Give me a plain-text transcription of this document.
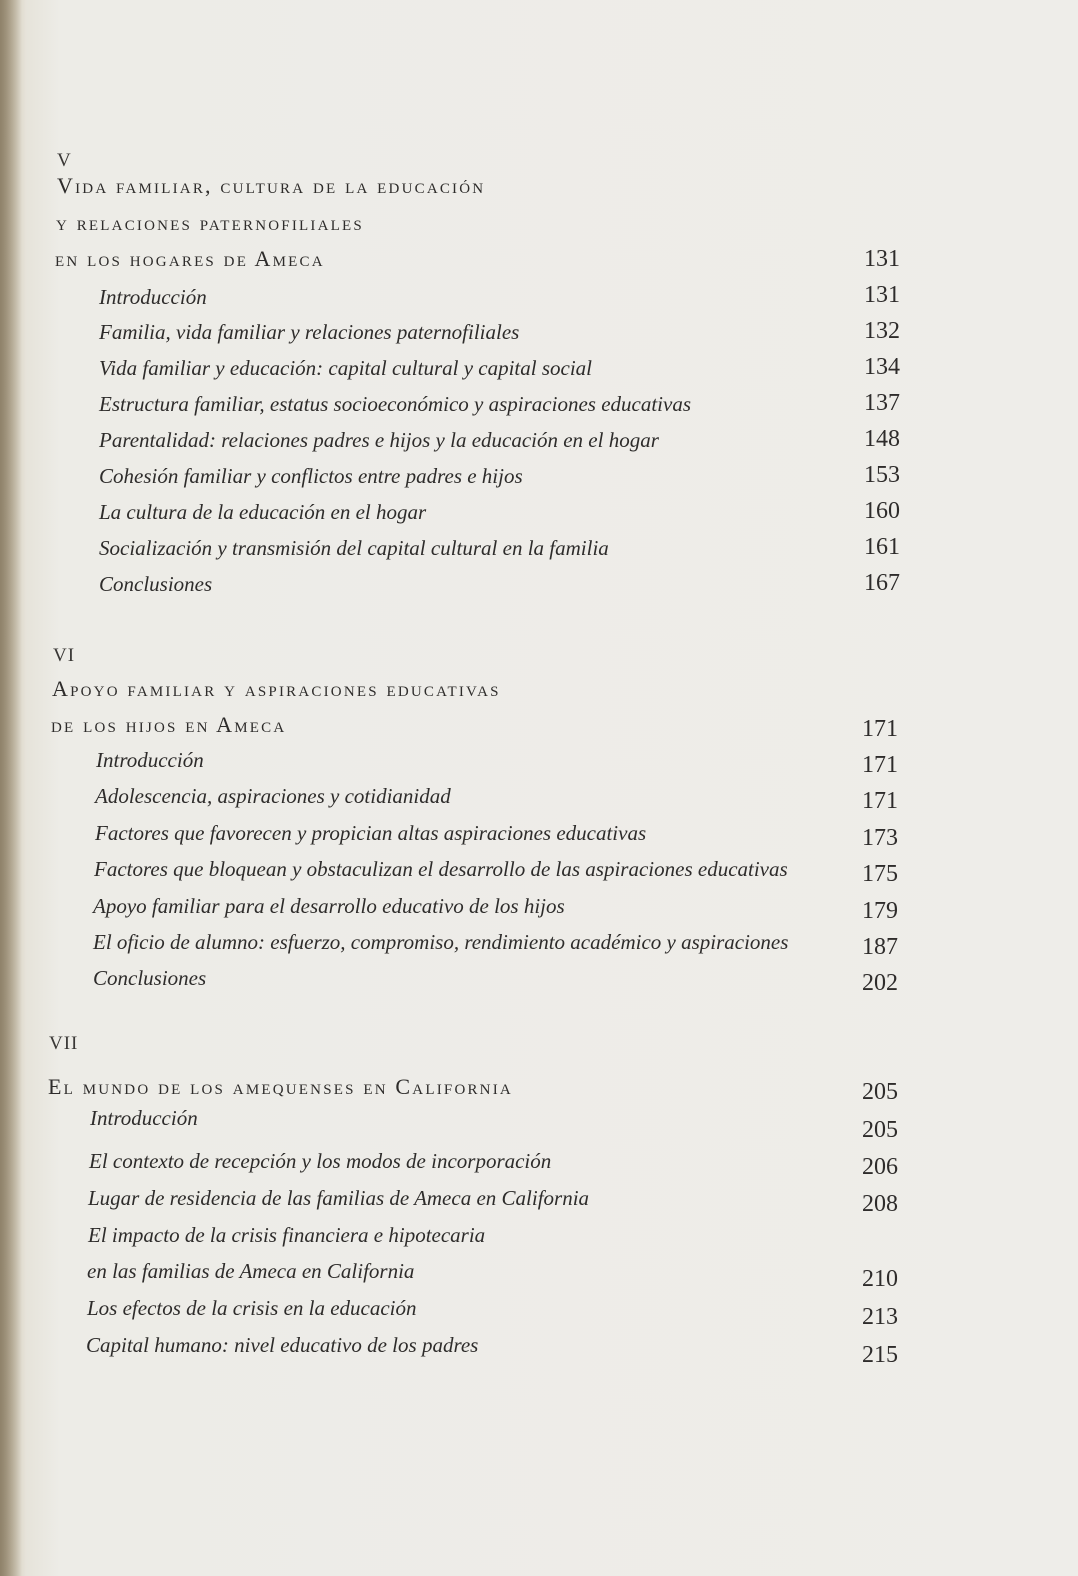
V
Vida familiar, cultura de la educación
y relaciones paternofiliales
en los hogares de Ameca	131
Introducción	131
Familia, vida familiar y relaciones paternofiliales	132
Vida familiar y educación: capital cultural y capital social	134
Estructura familiar, estatus socioeconómico y aspiraciones educativas	137
Parentalidad: relaciones padres e hijos y la educación en el hogar	148
Cohesión familiar y conflictos entre padres e hijos	153
La cultura de la educación en el hogar	160
Socialización y transmisión del capital cultural en la familia	161
Conclusiones	167
VI
Apoyo familiar y aspiraciones educativas
de los hijos en Ameca	171
Introducción	171
Adolescencia, aspiraciones y cotidianidad	171
Factores que favorecen y propician altas aspiraciones educativas	173
Factores que bloquean y obstaculizan el desarrollo de las aspiraciones educativas	175
Apoyo familiar para el desarrollo educativo de los hijos	179
El oficio de alumno: esfuerzo, compromiso, rendimiento académico y aspiraciones	187
Conclusiones	202
VII
El mundo de los amequenses en California	205
Introducción	205
El contexto de recepción y los modos de incorporación	206
Lugar de residencia de las familias de Ameca en California	208
El impacto de la crisis financiera e hipotecaria
en las familias de Ameca en California	210
Los efectos de la crisis en la educación	213
Capital humano: nivel educativo de los padres	215
